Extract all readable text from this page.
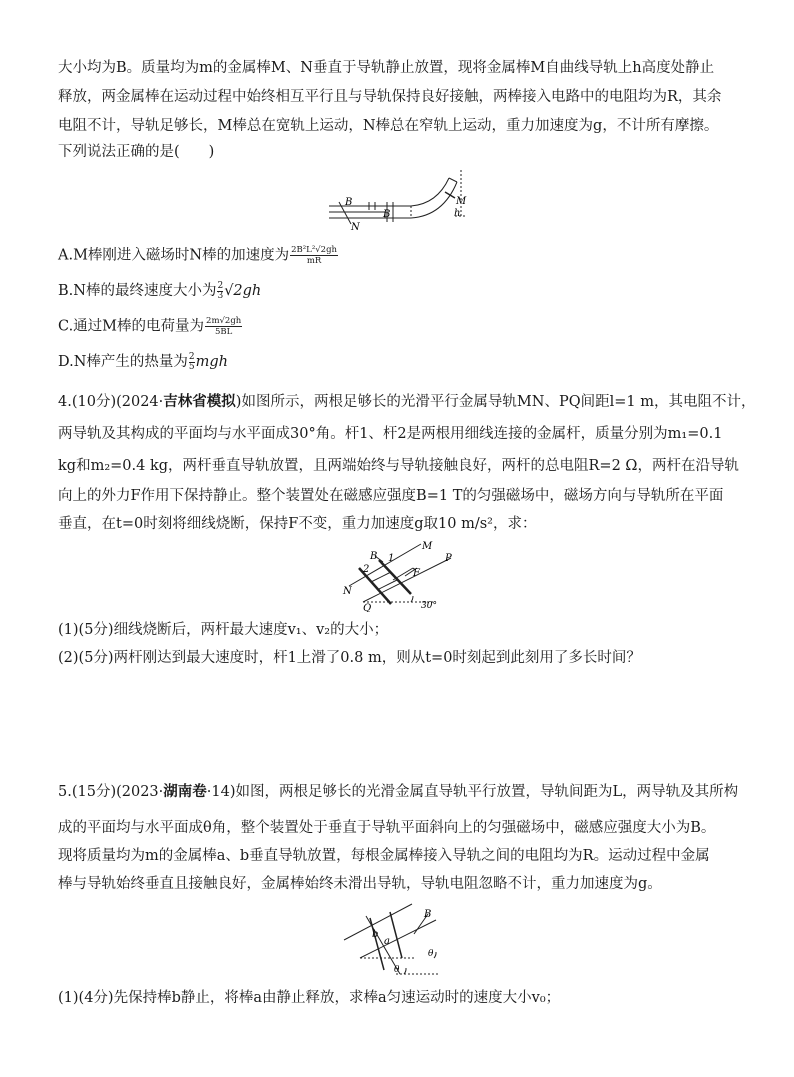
大小均为B。质量均为m的金属棒M、N垂直于导轨静止放置，现将金属棒M自曲线导轨上h高度处静止
释放，两金属棒在运动过程中始终相互平行且与导轨保持良好接触，两棒接入电路中的电阻均为R，其余
电阻不计，导轨足够长，M棒总在宽轨上运动，N棒总在窄轨上运动，重力加速度为g，不计所有摩擦。
下列说法正确的是(　　)
B
B
M
N
h
A.M棒刚进入磁场时N棒的加速度为 $\frac{\text{2B²L²√2gh}}{mR}$
B.N棒的最终速度大小为 $\frac{2}{3} √2gh$
C.通过M棒的电荷量为 $\frac{2m√2gh}{5BL}$
D.N棒产生的热量为 $\frac{2}{5}$ mgh
4.(10分)(2024·吉林省模拟)如图所示，两根足够长的光滑平行金属导轨MN、PQ间距l=1 m，其电阻不计，
两导轨及其构成的平面均与水平面成30°角。杆1、杆2是两根用细线连接的金属杆，质量分别为m₁=0.1
kg和m₂=0.4 kg，两杆垂直导轨放置，且两端始终与导轨接触良好，两杆的总电阻R=2 Ω，两杆在沿导轨
向上的外力F作用下保持静止。整个装置处在磁感应强度B=1 T的匀强磁场中，磁场方向与导轨所在平面
垂直，在t=0时刻将细线烧断，保持F不变，重力加速度g取10 m/s²，求：
B
M
P
N
Q
1
2	F
30°
(1)(5分)细线烧断后，两杆最大速度v₁、v₂的大小；
(2)(5分)两杆刚达到最大速度时，杆1上滑了0.8 m，则从t=0时刻起到此刻用了多长时间？
5.(15分)(2023·湖南卷·14)如图，两根足够长的光滑金属直导轨平行放置，导轨间距为L，两导轨及其所构
成的平面均与水平面成θ角，整个装置处于垂直于导轨平面斜向上的匀强磁场中，磁感应强度大小为B。
现将质量均为m的金属棒a、b垂直导轨放置，每根金属棒接入导轨之间的电阻均为R。运动过程中金属
棒与导轨始终垂直且接触良好，金属棒始终未滑出导轨，导轨电阻忽略不计，重力加速度为g。
B
a
b
θ
θ
(1)(4分)先保持棒b静止，将棒a由静止释放，求棒a匀速运动时的速度大小v₀；
